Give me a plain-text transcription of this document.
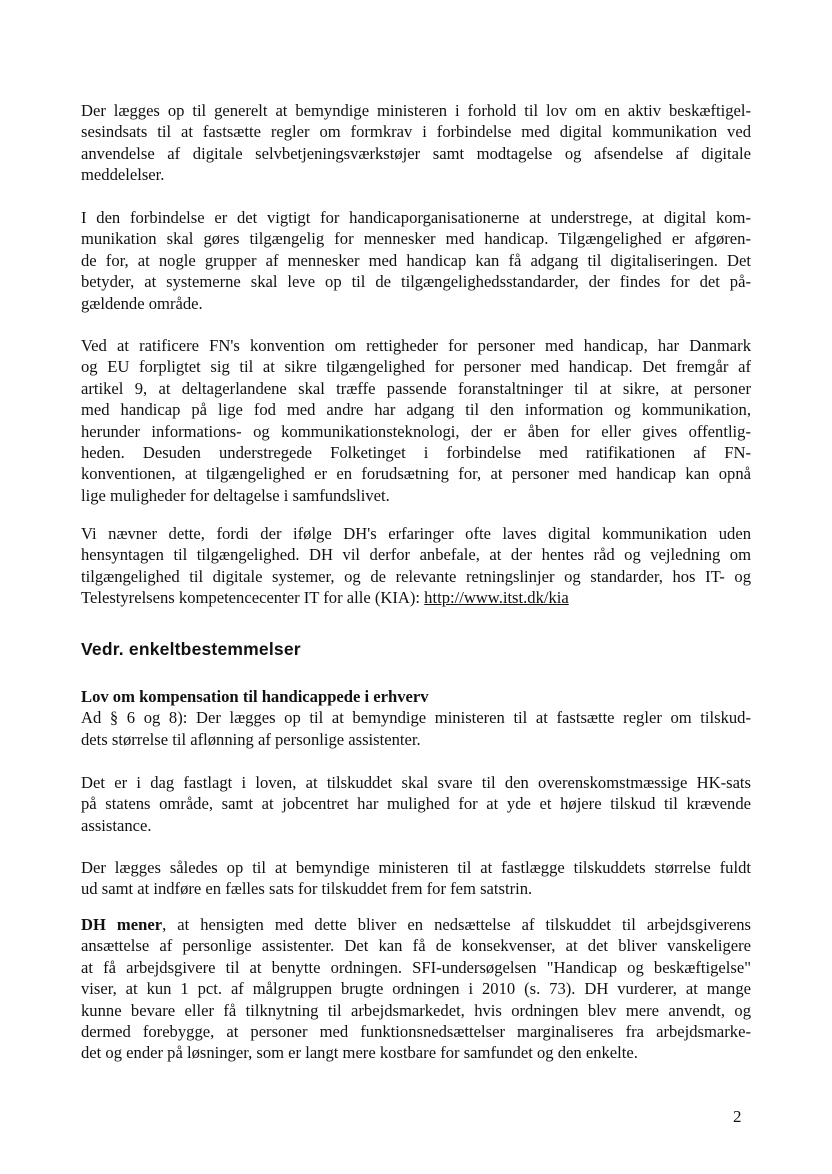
Der lægges op til generelt at bemyndige ministeren i forhold til lov om en aktiv beskæftigel-
sesindsats til at fastsætte regler om formkrav i forbindelse med digital kommunikation ved
anvendelse af digitale selvbetjeningsværkstøjer samt modtagelse og afsendelse af digitale
meddelelser.
I den forbindelse er det vigtigt for handicaporganisationerne at understrege, at digital kom-
munikation skal gøres tilgængelig for mennesker med handicap. Tilgængelighed er afgøren-
de for, at nogle grupper af mennesker med handicap kan få adgang til digitaliseringen. Det
betyder, at systemerne skal leve op til de tilgængelighedsstandarder, der findes for det på-
gældende område.
Ved at ratificere FN's konvention om rettigheder for personer med handicap, har Danmark
og EU forpligtet sig til at sikre tilgængelighed for personer med handicap. Det fremgår af
artikel 9, at deltagerlandene skal træffe passende foranstaltninger til at sikre, at personer
med handicap på lige fod med andre har adgang til den information og kommunikation,
herunder informations- og kommunikationsteknologi, der er åben for eller gives offentlig-
heden. Desuden understregede Folketinget i forbindelse med ratifikationen af FN-
konventionen, at tilgængelighed er en forudsætning for, at personer med handicap kan opnå
lige muligheder for deltagelse i samfundslivet.
Vi nævner dette, fordi der ifølge DH's erfaringer ofte laves digital kommunikation uden
hensyntagen til tilgængelighed. DH vil derfor anbefale, at der hentes råd og vejledning om
tilgængelighed til digitale systemer, og de relevante retningslinjer og standarder, hos IT- og
Telestyrelsens kompetencecenter IT for alle (KIA): http://www.itst.dk/kia
Vedr. enkeltbestemmelser
Lov om kompensation til handicappede i erhverv
Ad § 6 og 8): Der lægges op til at bemyndige ministeren til at fastsætte regler om tilskud-
dets størrelse til aflønning af personlige assistenter.
Det er i dag fastlagt i loven, at tilskuddet skal svare til den overenskomstmæssige HK-sats
på statens område, samt at jobcentret har mulighed for at yde et højere tilskud til krævende
assistance.
Der lægges således op til at bemyndige ministeren til at fastlægge tilskuddets størrelse fuldt
ud samt at indføre en fælles sats for tilskuddet frem for fem satstrin.
DH mener, at hensigten med dette bliver en nedsættelse af tilskuddet til arbejdsgiverens
ansættelse af personlige assistenter. Det kan få de konsekvenser, at det bliver vanskeligere
at få arbejdsgivere til at benytte ordningen. SFI-undersøgelsen "Handicap og beskæftigelse"
viser, at kun 1 pct. af målgruppen brugte ordningen i 2010 (s. 73). DH vurderer, at mange
kunne bevare eller få tilknytning til arbejdsmarkedet, hvis ordningen blev mere anvendt, og
dermed forebygge, at personer med funktionsnedsættelser marginaliseres fra arbejdsmarke-
det og ender på løsninger, som er langt mere kostbare for samfundet og den enkelte.
2
